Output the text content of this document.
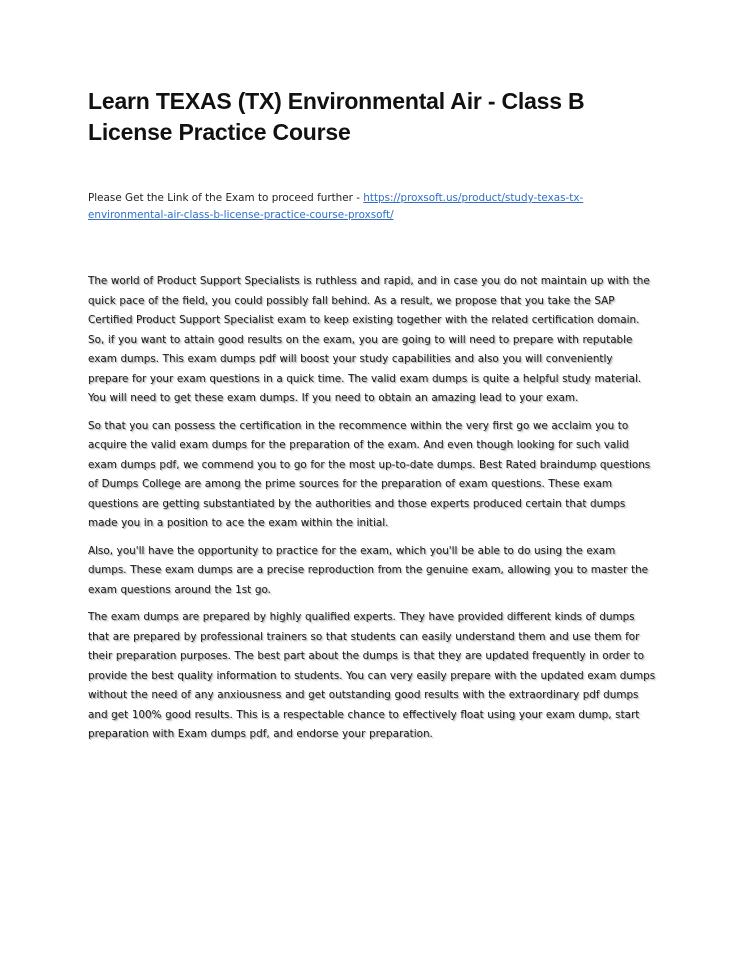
Learn TEXAS (TX) Environmental Air - Class B License Practice Course

Please Get the Link of the Exam to proceed further - https://proxsoft.us/product/study-texas-tx-environmental-air-class-b-license-practice-course-proxsoft/

The world of Product Support Specialists is ruthless and rapid, and in case you do not maintain up with the quick pace of the field, you could possibly fall behind. As a result, we propose that you take the SAP Certified Product Support Specialist exam to keep existing together with the related certification domain. So, if you want to attain good results on the exam, you are going to will need to prepare with reputable exam dumps. This exam dumps pdf will boost your study capabilities and also you will conveniently prepare for your exam questions in a quick time. The valid exam dumps is quite a helpful study material. You will need to get these exam dumps. If you need to obtain an amazing lead to your exam.

So that you can possess the certification in the recommence within the very first go we acclaim you to acquire the valid exam dumps for the preparation of the exam. And even though looking for such valid exam dumps pdf, we commend you to go for the most up-to-date dumps. Best Rated braindump questions of Dumps College are among the prime sources for the preparation of exam questions. These exam questions are getting substantiated by the authorities and those experts produced certain that dumps made you in a position to ace the exam within the initial.

Also, you'll have the opportunity to practice for the exam, which you'll be able to do using the exam dumps. These exam dumps are a precise reproduction from the genuine exam, allowing you to master the exam questions around the 1st go.

The exam dumps are prepared by highly qualified experts. They have provided different kinds of dumps that are prepared by professional trainers so that students can easily understand them and use them for their preparation purposes. The best part about the dumps is that they are updated frequently in order to provide the best quality information to students. You can very easily prepare with the updated exam dumps without the need of any anxiousness and get outstanding good results with the extraordinary pdf dumps and get 100% good results. This is a respectable chance to effectively float using your exam dump, start preparation with Exam dumps pdf, and endorse your preparation.
